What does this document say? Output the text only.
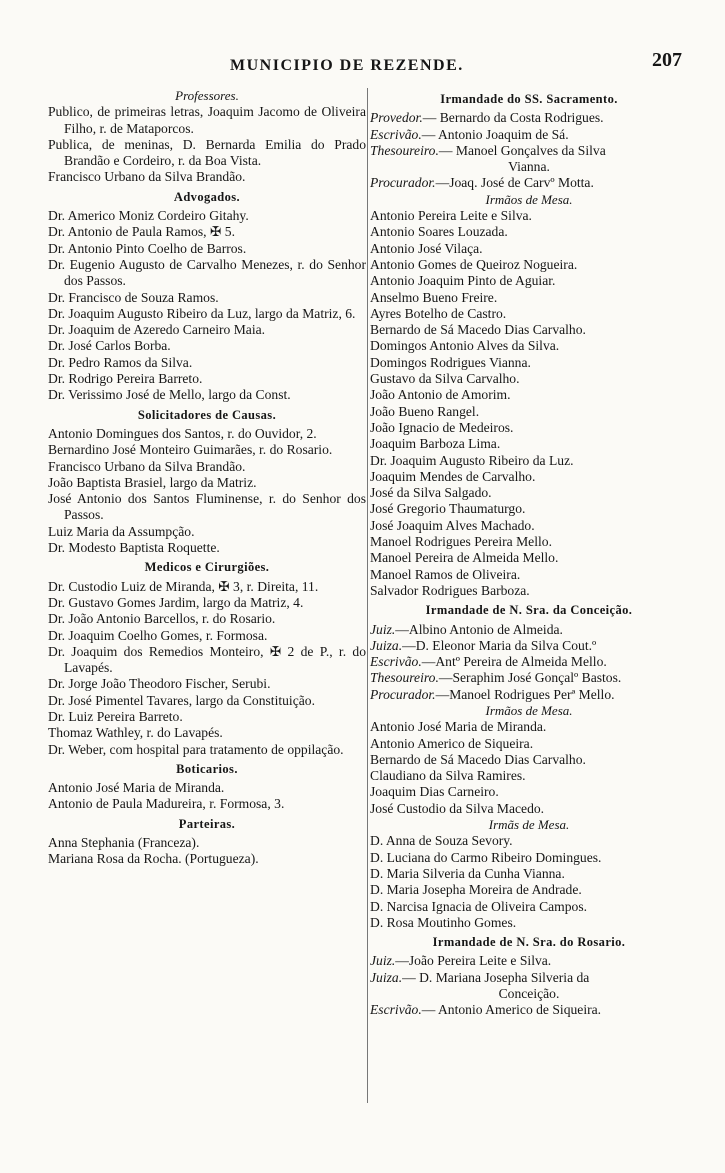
MUNICIPIO DE REZENDE.	207

Professores.

Publico, de primeiras letras, Joaquim Jacomo de Oliveira Filho, r. de Mataporcos.

Publica, de meninas, D. Bernarda Emilia do Prado Brandão e Cordeiro, r. da Boa Vista.

Francisco Urbano da Silva Brandão.

Advogados.

Dr. Americo Moniz Cordeiro Gitahy.

Dr. Antonio de Paula Ramos, ✠ 5.

Dr. Antonio Pinto Coelho de Barros.

Dr. Eugenio Augusto de Carvalho Menezes, r. do Senhor dos Passos.

Dr. Francisco de Souza Ramos.

Dr. Joaquim Augusto Ribeiro da Luz, largo da Matriz, 6.

Dr. Joaquim de Azeredo Carneiro Maia.

Dr. José Carlos Borba.

Dr. Pedro Ramos da Silva.

Dr. Rodrigo Pereira Barreto.

Dr. Verissimo José de Mello, largo da Const.

Solicitadores de Causas.

Antonio Domingues dos Santos, r. do Ouvidor, 2.

Bernardino José Monteiro Guimarães, r. do Rosario.

Francisco Urbano da Silva Brandão.

João Baptista Brasiel, largo da Matriz.

José Antonio dos Santos Fluminense, r. do Senhor dos Passos.

Luiz Maria da Assumpção.

Dr. Modesto Baptista Roquette.

Medicos e Cirurgiões.

Dr. Custodio Luiz de Miranda, ✠ 3, r. Direita, 11.

Dr. Gustavo Gomes Jardim, largo da Matriz, 4.

Dr. João Antonio Barcellos, r. do Rosario.

Dr. Joaquim Coelho Gomes, r. Formosa.

Dr. Joaquim dos Remedios Monteiro, ✠ 2 de P., r. do Lavapés.

Dr. Jorge João Theodoro Fischer, Serubi.

Dr. José Pimentel Tavares, largo da Constituição.

Dr. Luiz Pereira Barreto.

Thomaz Wathley, r. do Lavapés.

Dr. Weber, com hospital para tratamento de oppilação.

Boticarios.

Antonio José Maria de Miranda.

Antonio de Paula Madureira, r. Formosa, 3.

Parteiras.

Anna Stephania (Franceza).

Mariana Rosa da Rocha. (Portugueza).

Irmandade do SS. Sacramento.

Provedor.— Bernardo da Costa Rodrigues.

Escrivão.— Antonio Joaquim de Sá.

Thesoureiro.— Manoel Gonçalves da Silva

Vianna.

Procurador.—Joaq. José de Carvº Motta.

Irmãos de Mesa.

Antonio Pereira Leite e Silva.

Antonio Soares Louzada.

Antonio José Vilaça.

Antonio Gomes de Queiroz Nogueira.

Antonio Joaquim Pinto de Aguiar.

Anselmo Bueno Freire.

Ayres Botelho de Castro.

Bernardo de Sá Macedo Dias Carvalho.

Domingos Antonio Alves da Silva.

Domingos Rodrigues Vianna.

Gustavo da Silva Carvalho.

João Antonio de Amorim.

João Bueno Rangel.

João Ignacio de Medeiros.

Joaquim Barboza Lima.

Dr. Joaquim Augusto Ribeiro da Luz.

Joaquim Mendes de Carvalho.

José da Silva Salgado.

José Gregorio Thaumaturgo.

José Joaquim Alves Machado.

Manoel Rodrigues Pereira Mello.

Manoel Pereira de Almeida Mello.

Manoel Ramos de Oliveira.

Salvador Rodrigues Barboza.

Irmandade de N. Sra. da Conceição.

Juiz.—Albino Antonio de Almeida.

Juiza.—D. Eleonor Maria da Silva Cout.º

Escrivão.—Antº Pereira de Almeida Mello.

Thesoureiro.—Seraphim José Gonçalº Bastos.

Procurador.—Manoel Rodrigues Perª Mello.

Irmãos de Mesa.

Antonio José Maria de Miranda.

Antonio Americo de Siqueira.

Bernardo de Sá Macedo Dias Carvalho.

Claudiano da Silva Ramires.

Joaquim Dias Carneiro.

José Custodio da Silva Macedo.

Irmãs de Mesa.

D. Anna de Souza Sevory.

D. Luciana do Carmo Ribeiro Domingues.

D. Maria Silveria da Cunha Vianna.

D. Maria Josepha Moreira de Andrade.

D. Narcisa Ignacia de Oliveira Campos.

D. Rosa Moutinho Gomes.

Irmandade de N. Sra. do Rosario.

Juiz.—João Pereira Leite e Silva.

Juiza.— D. Mariana Josepha Silveria da

Conceição.

Escrivão.— Antonio Americo de Siqueira.
